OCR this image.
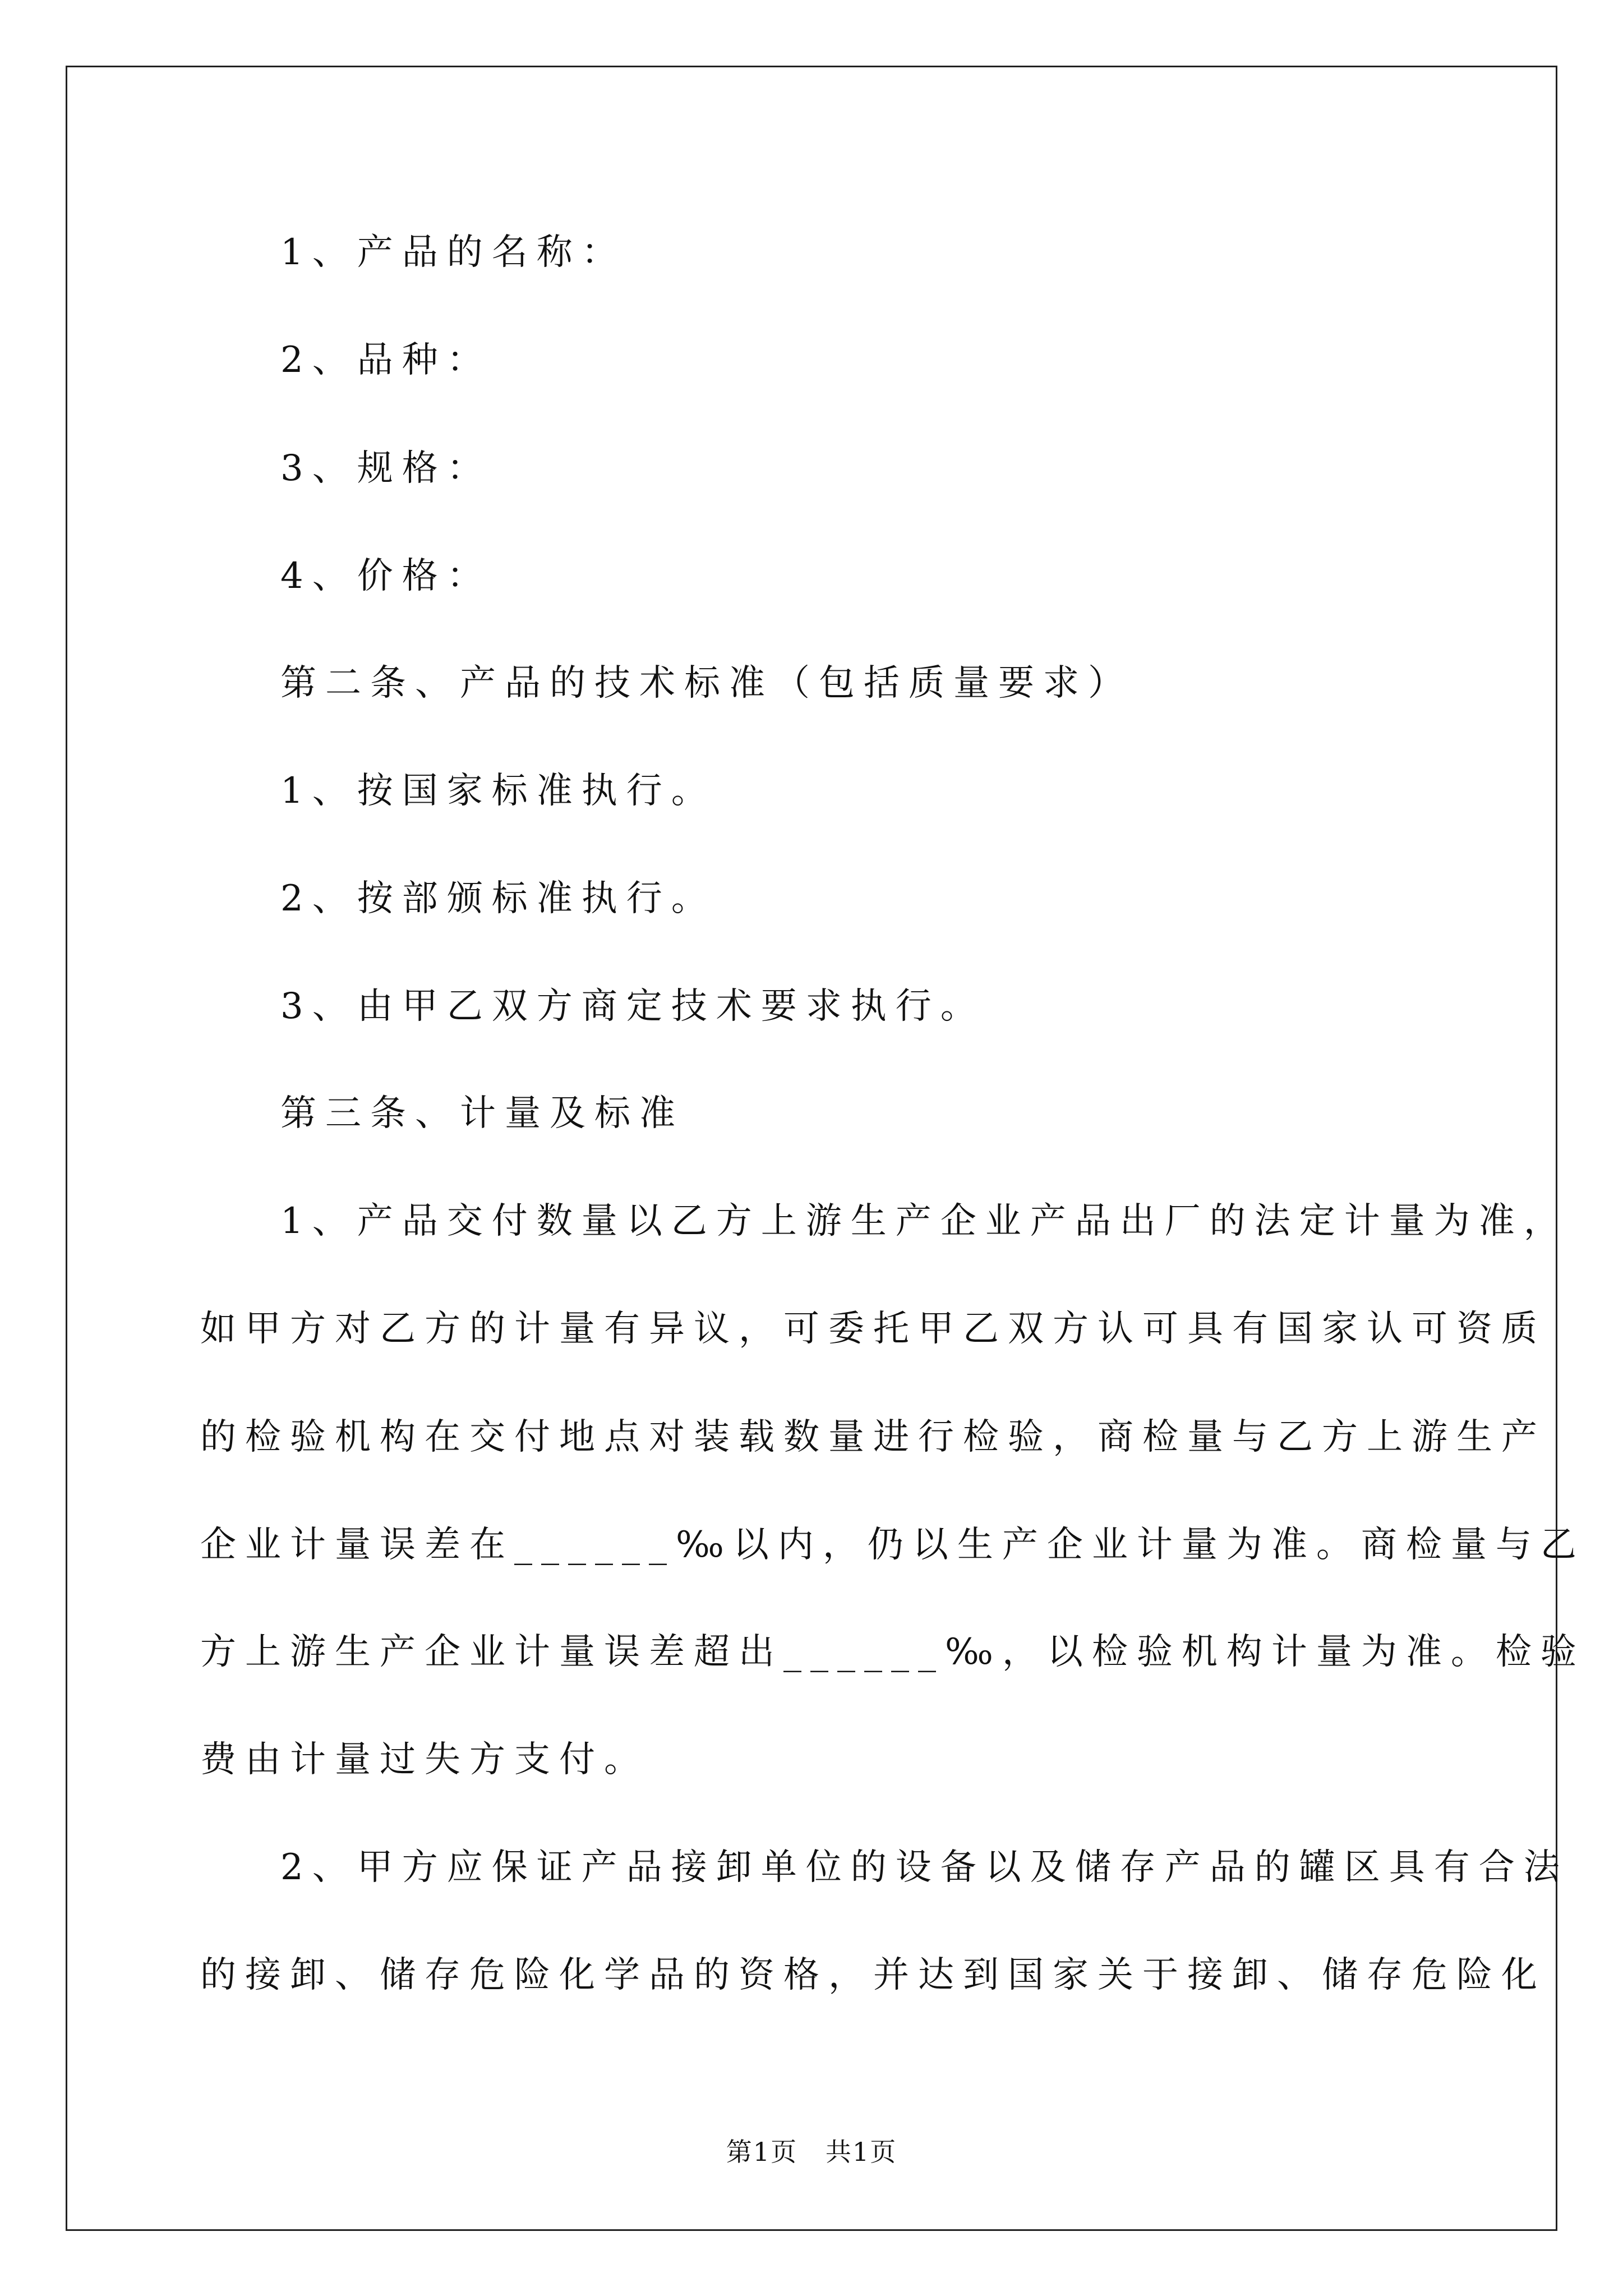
1、产品的名称：

2、品种：

3、规格：

4、价格：

第二条、产品的技术标准（包括质量要求）

1、按国家标准执行。

2、按部颁标准执行。

3、由甲乙双方商定技术要求执行。

第三条、计量及标准

1、产品交付数量以乙方上游生产企业产品出厂的法定计量为准，

如甲方对乙方的计量有异议，可委托甲乙双方认可具有国家认可资质

的检验机构在交付地点对装载数量进行检验，商检量与乙方上游生产

企业计量误差在______‰以内，仍以生产企业计量为准。商检量与乙

方上游生产企业计量误差超出______‰，以检验机构计量为准。检验

费由计量过失方支付。

2、甲方应保证产品接卸单位的设备以及储存产品的罐区具有合法

的接卸、储存危险化学品的资格，并达到国家关于接卸、储存危险化

第1页   共1页
